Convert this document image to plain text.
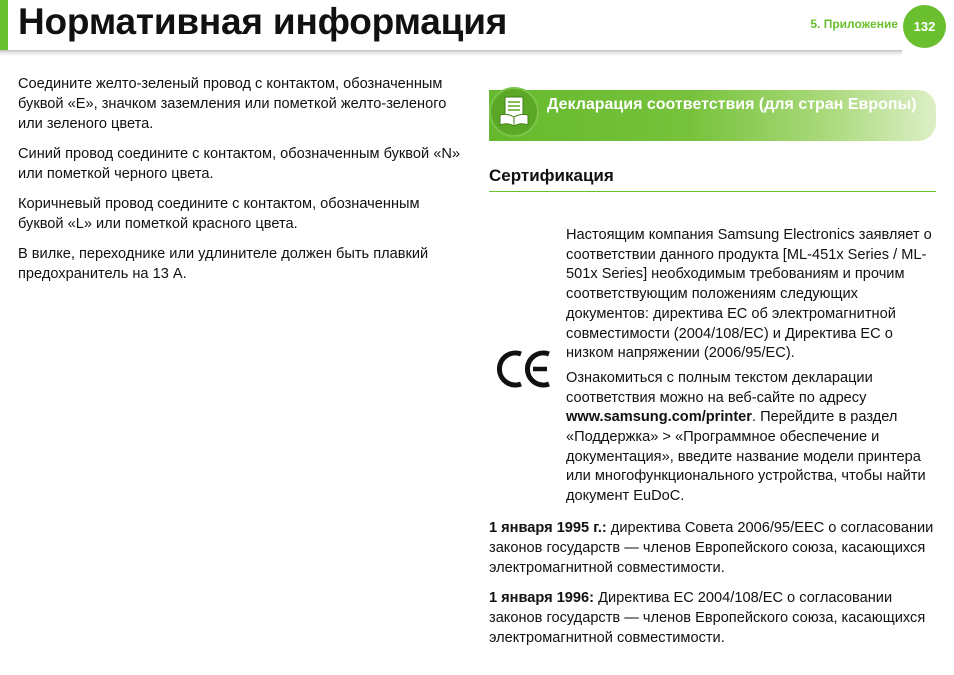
Нормативная информация	5. Приложение	132

Соедините желто-зеленый провод с контактом, обозначенным буквой «E», значком заземления или пометкой желто-зеленого или зеленого цвета.

Синий провод соедините с контактом, обозначенным буквой «N» или пометкой черного цвета.

Коричневый провод соедините с контактом, обозначенным буквой «L» или пометкой красного цвета.

В вилке, переходнике или удлинителе должен быть плавкий предохранитель на 13 A.

Декларация соответствия (для стран Европы)
Сертификация

Настоящим компания Samsung Electronics заявляет о соответствии данного продукта [ML-451x Series / ML-501x Series] необходимым требованиям и прочим соответствующим положениям следующих документов: директива ЕС об электромагнитной совместимости (2004/108/EC) и Директива ЕС о низком напряжении (2006/95/EC).

Ознакомиться с полным текстом декларации соответствия можно на веб-сайте по адресу www.samsung.com/printer. Перейдите в раздел «Поддержка» > «Программное обеспечение и документация», введите название модели принтера или многофункционального устройства, чтобы найти документ EuDoC.

1 января 1995 г.: директива Совета 2006/95/EEC о согласовании законов государств — членов Европейского союза, касающихся электромагнитной совместимости.

1 января 1996: Директива ЕС 2004/108/EC о согласовании законов государств — членов Европейского союза, касающихся электромагнитной совместимости.
